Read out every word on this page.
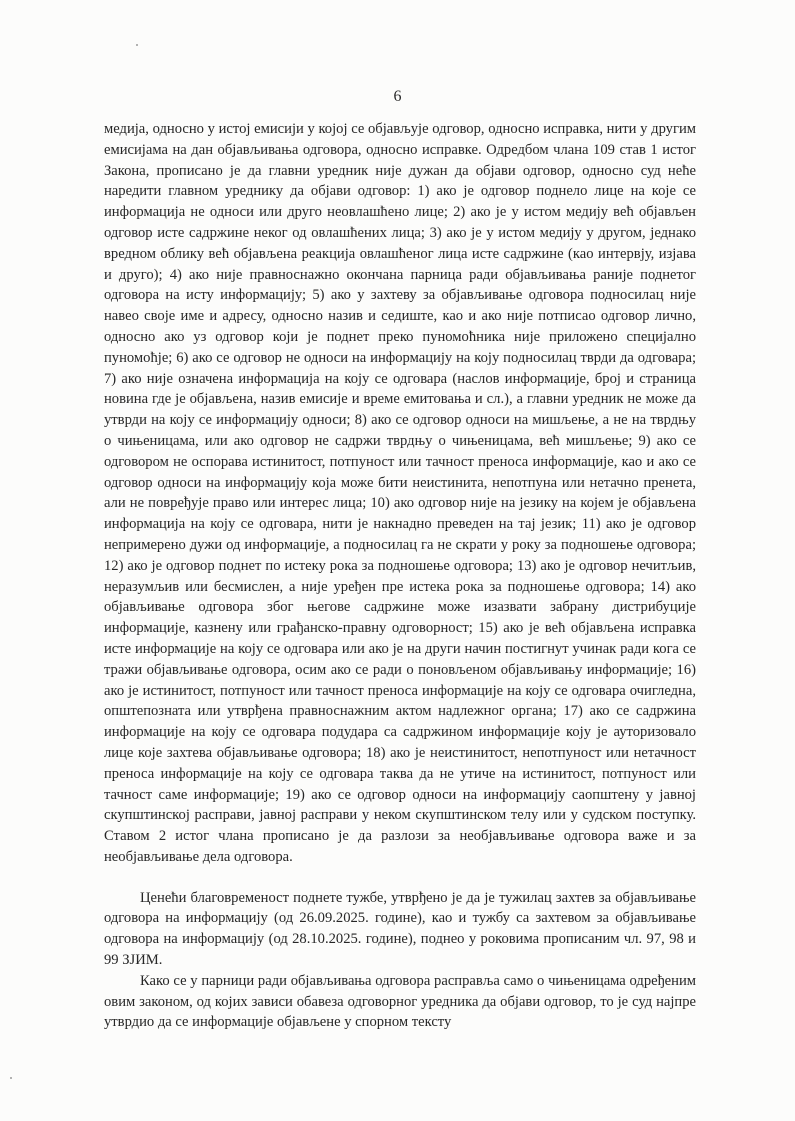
6

медија, односно у истој емисији у којој се објављује одговор, односно исправка, нити у другим емисијама на дан објављивања одговора, односно исправке. Одредбом члана 109 став 1 истог Закона, прописано је да главни уредник није дужан да објави одговор, односно суд неће наредити главном уреднику да објави одговор: 1) ако је одговор поднело лице на које се информација не односи или друго неовлашћено лице; 2) ако је у истом медију већ објављен одговор исте садржине неког од овлашћених лица; 3) ако је у истом медију у другом, једнако вредном облику већ објављена реакција овлашћеног лица исте садржине (као интервју, изјава и друго); 4) ако није правноснажно окончана парница ради објављивања раније поднетог одговора на исту информацију; 5) ако у захтеву за објављивање одговора подносилац није навео своје име и адресу, односно назив и седиште, као и ако није потписао одговор лично, односно ако уз одговор који је поднет преко пуномоћника није приложено специјално пуномоћје; 6) ако се одговор не односи на информацију на коју подносилац тврди да одговара; 7) ако није означена информација на коју се одговара (наслов информације, број и страница новина где је објављена, назив емисије и време емитовања и сл.), а главни уредник не може да утврди на коју се информацију односи; 8) ако се одговор односи на мишљење, а не на тврдњу о чињеницама, или ако одговор не садржи тврдњу о чињеницама, већ мишљење; 9) ако се одговором не оспорава истинитост, потпуност или тачност преноса информације, као и ако се одговор односи на информацију која може бити неистинита, непотпуна или нетачно пренета, али не повређује право или интерес лица; 10) ако одговор није на језику на којем је објављена информација на коју се одговара, нити је накнадно преведен на тај језик; 11) ако је одговор непримерено дужи од информације, а подносилац га не скрати у року за подношење одговора; 12) ако је одговор поднет по истеку рока за подношење одговора; 13) ако је одговор нечитљив, неразумљив или бесмислен, а није уређен пре истека рока за подношење одговора; 14) ако објављивање одговора због његове садржине може изазвати забрану дистрибуције информације, казнену или грађанско-правну одговорност; 15) ако је већ објављена исправка исте информације на коју се одговара или ако је на други начин постигнут учинак ради кога се тражи објављивање одговора, осим ако се ради о поновљеном објављивању информације; 16) ако је истинитост, потпуност или тачност преноса информације на коју се одговара очигледна, општепозната или утврђена правноснажним актом надлежног органа; 17) ако се садржина информације на коју се одговара подудара са садржином информације коју је ауторизовало лице које захтева објављивање одговора; 18) ако је неистинитост, непотпуност или нетачност преноса информације на коју се одговара таква да не утиче на истинитост, потпуност или тачност саме информације; 19) ако се одговор односи на информацију саопштену у јавној скупштинској расправи, јавној расправи у неком скупштинском телу или у судском поступку. Ставом 2 истог члана прописано је да разлози за необјављивање одговора важе и за необјављивање дела одговора.

Ценећи благовременост поднете тужбе, утврђено је да је тужилац захтев за објављивање одговора на информацију (од 26.09.2025. године), као и тужбу са захтевом за објављивање одговора на информацију (од 28.10.2025. године), поднео у роковима прописаним чл. 97, 98 и 99 ЗЈИМ.

Како се у парници ради објављивања одговора расправља само о чињеницама одређеним овим законом, од којих зависи обавеза одговорног уредника да објави одговор, то је суд најпре утврдио да се информације објављене у спорном тексту
